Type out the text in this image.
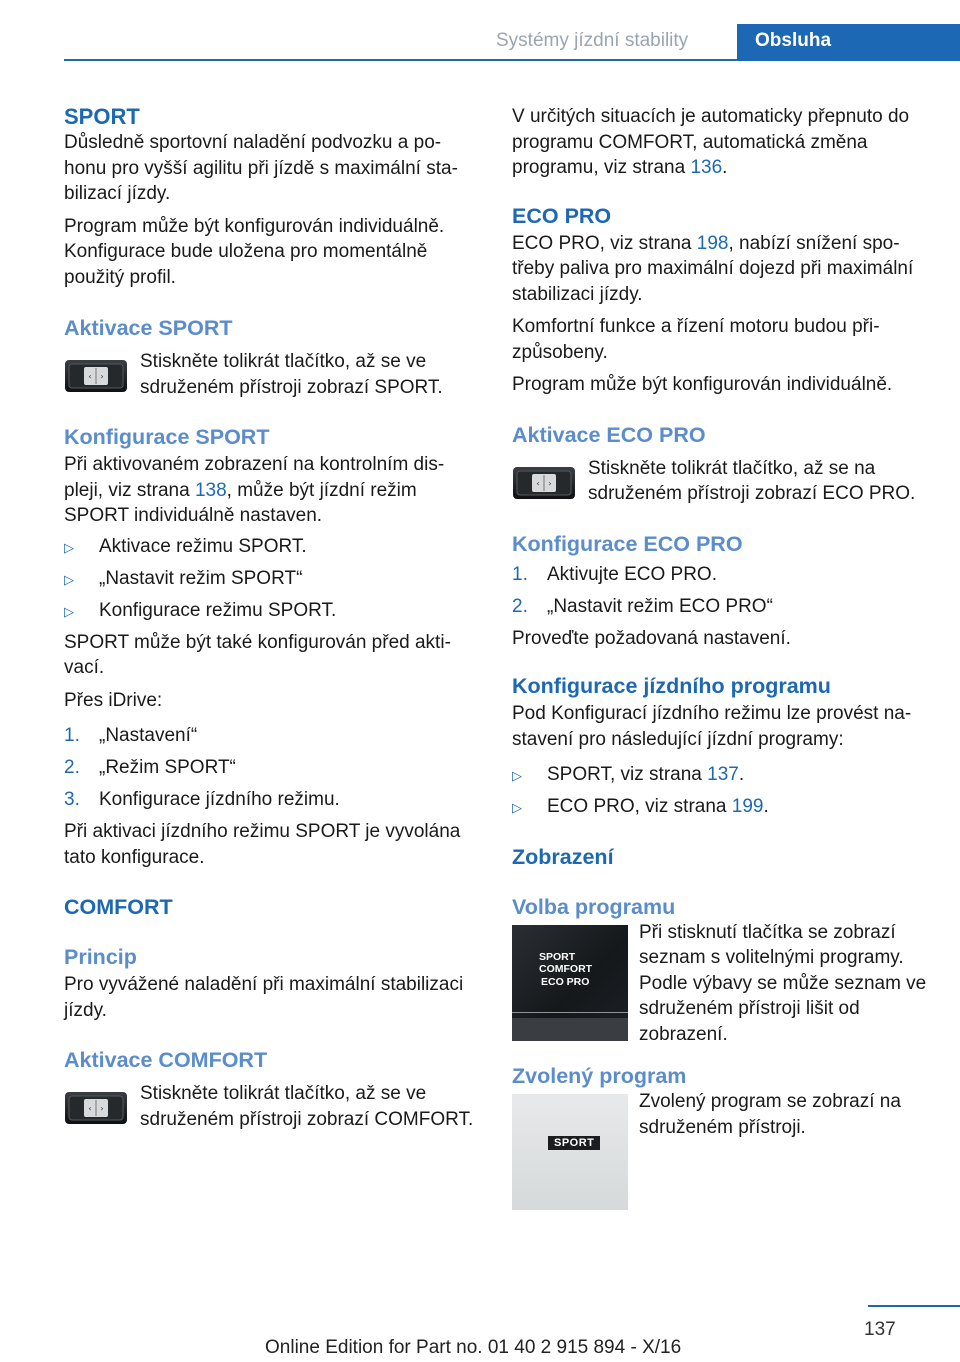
Systémy jízdní stability	Obsluha
SPORT

Důsledně sportovní naladění podvozku a pohonu pro vyšší agilitu při jízdě s maximální stabilizací jízdy.

Program může být konfigurován individuálně. Konfigurace bude uložena pro momentálně použitý profil.

Aktivace SPORT

Stiskněte tolikrát tlačítko, až se ve sdruženém přístroji zobrazí SPORT.

Konfigurace SPORT

Při aktivovaném zobrazení na kontrolním displeji, viz strana 138, může být jízdní režim SPORT individuálně nastaven.

▷ Aktivace režimu SPORT.
▷ „Nastavit režim SPORT“
▷ Konfigurace režimu SPORT.

SPORT může být také konfigurován před aktivací.

Přes iDrive:

1. „Nastavení“
2. „Režim SPORT“
3. Konfigurace jízdního režimu.

Při aktivaci jízdního režimu SPORT je vyvolána tato konfigurace.

COMFORT
Princip

Pro vyvážené naladění při maximální stabilizaci jízdy.

Aktivace COMFORT

Stiskněte tolikrát tlačítko, až se ve sdruženém přístroji zobrazí COMFORT.

V určitých situacích je automaticky přepnuto do programu COMFORT, automatická změna programu, viz strana 136.

ECO PRO

ECO PRO, viz strana 198, nabízí snížení spotřeby paliva pro maximální dojezd při maximální stabilizaci jízdy.

Komfortní funkce a řízení motoru budou přizpůsobeny.

Program může být konfigurován individuálně.

Aktivace ECO PRO

Stiskněte tolikrát tlačítko, až se na sdruženém přístroji zobrazí ECO PRO.

Konfigurace ECO PRO
1. Aktivujte ECO PRO.
2. „Nastavit režim ECO PRO“

Proveďte požadovaná nastavení.

Konfigurace jízdního programu

Pod Konfigurací jízdního režimu lze provést nastavení pro následující jízdní programy:

▷ SPORT, viz strana 137.
▷ ECO PRO, viz strana 199.
Zobrazení
Volba programu
SPORT
COMFORT
ECO PRO

Při stisknutí tlačítka se zobrazí seznam s volitelnými programy. Podle výbavy se může seznam ve sdruženém přístroji lišit od zobrazení.

Zvolený program
SPORT

Zvolený program se zobrazí na sdruženém přístroji.

137
Online Edition for Part no. 01 40 2 915 894 - X/16
